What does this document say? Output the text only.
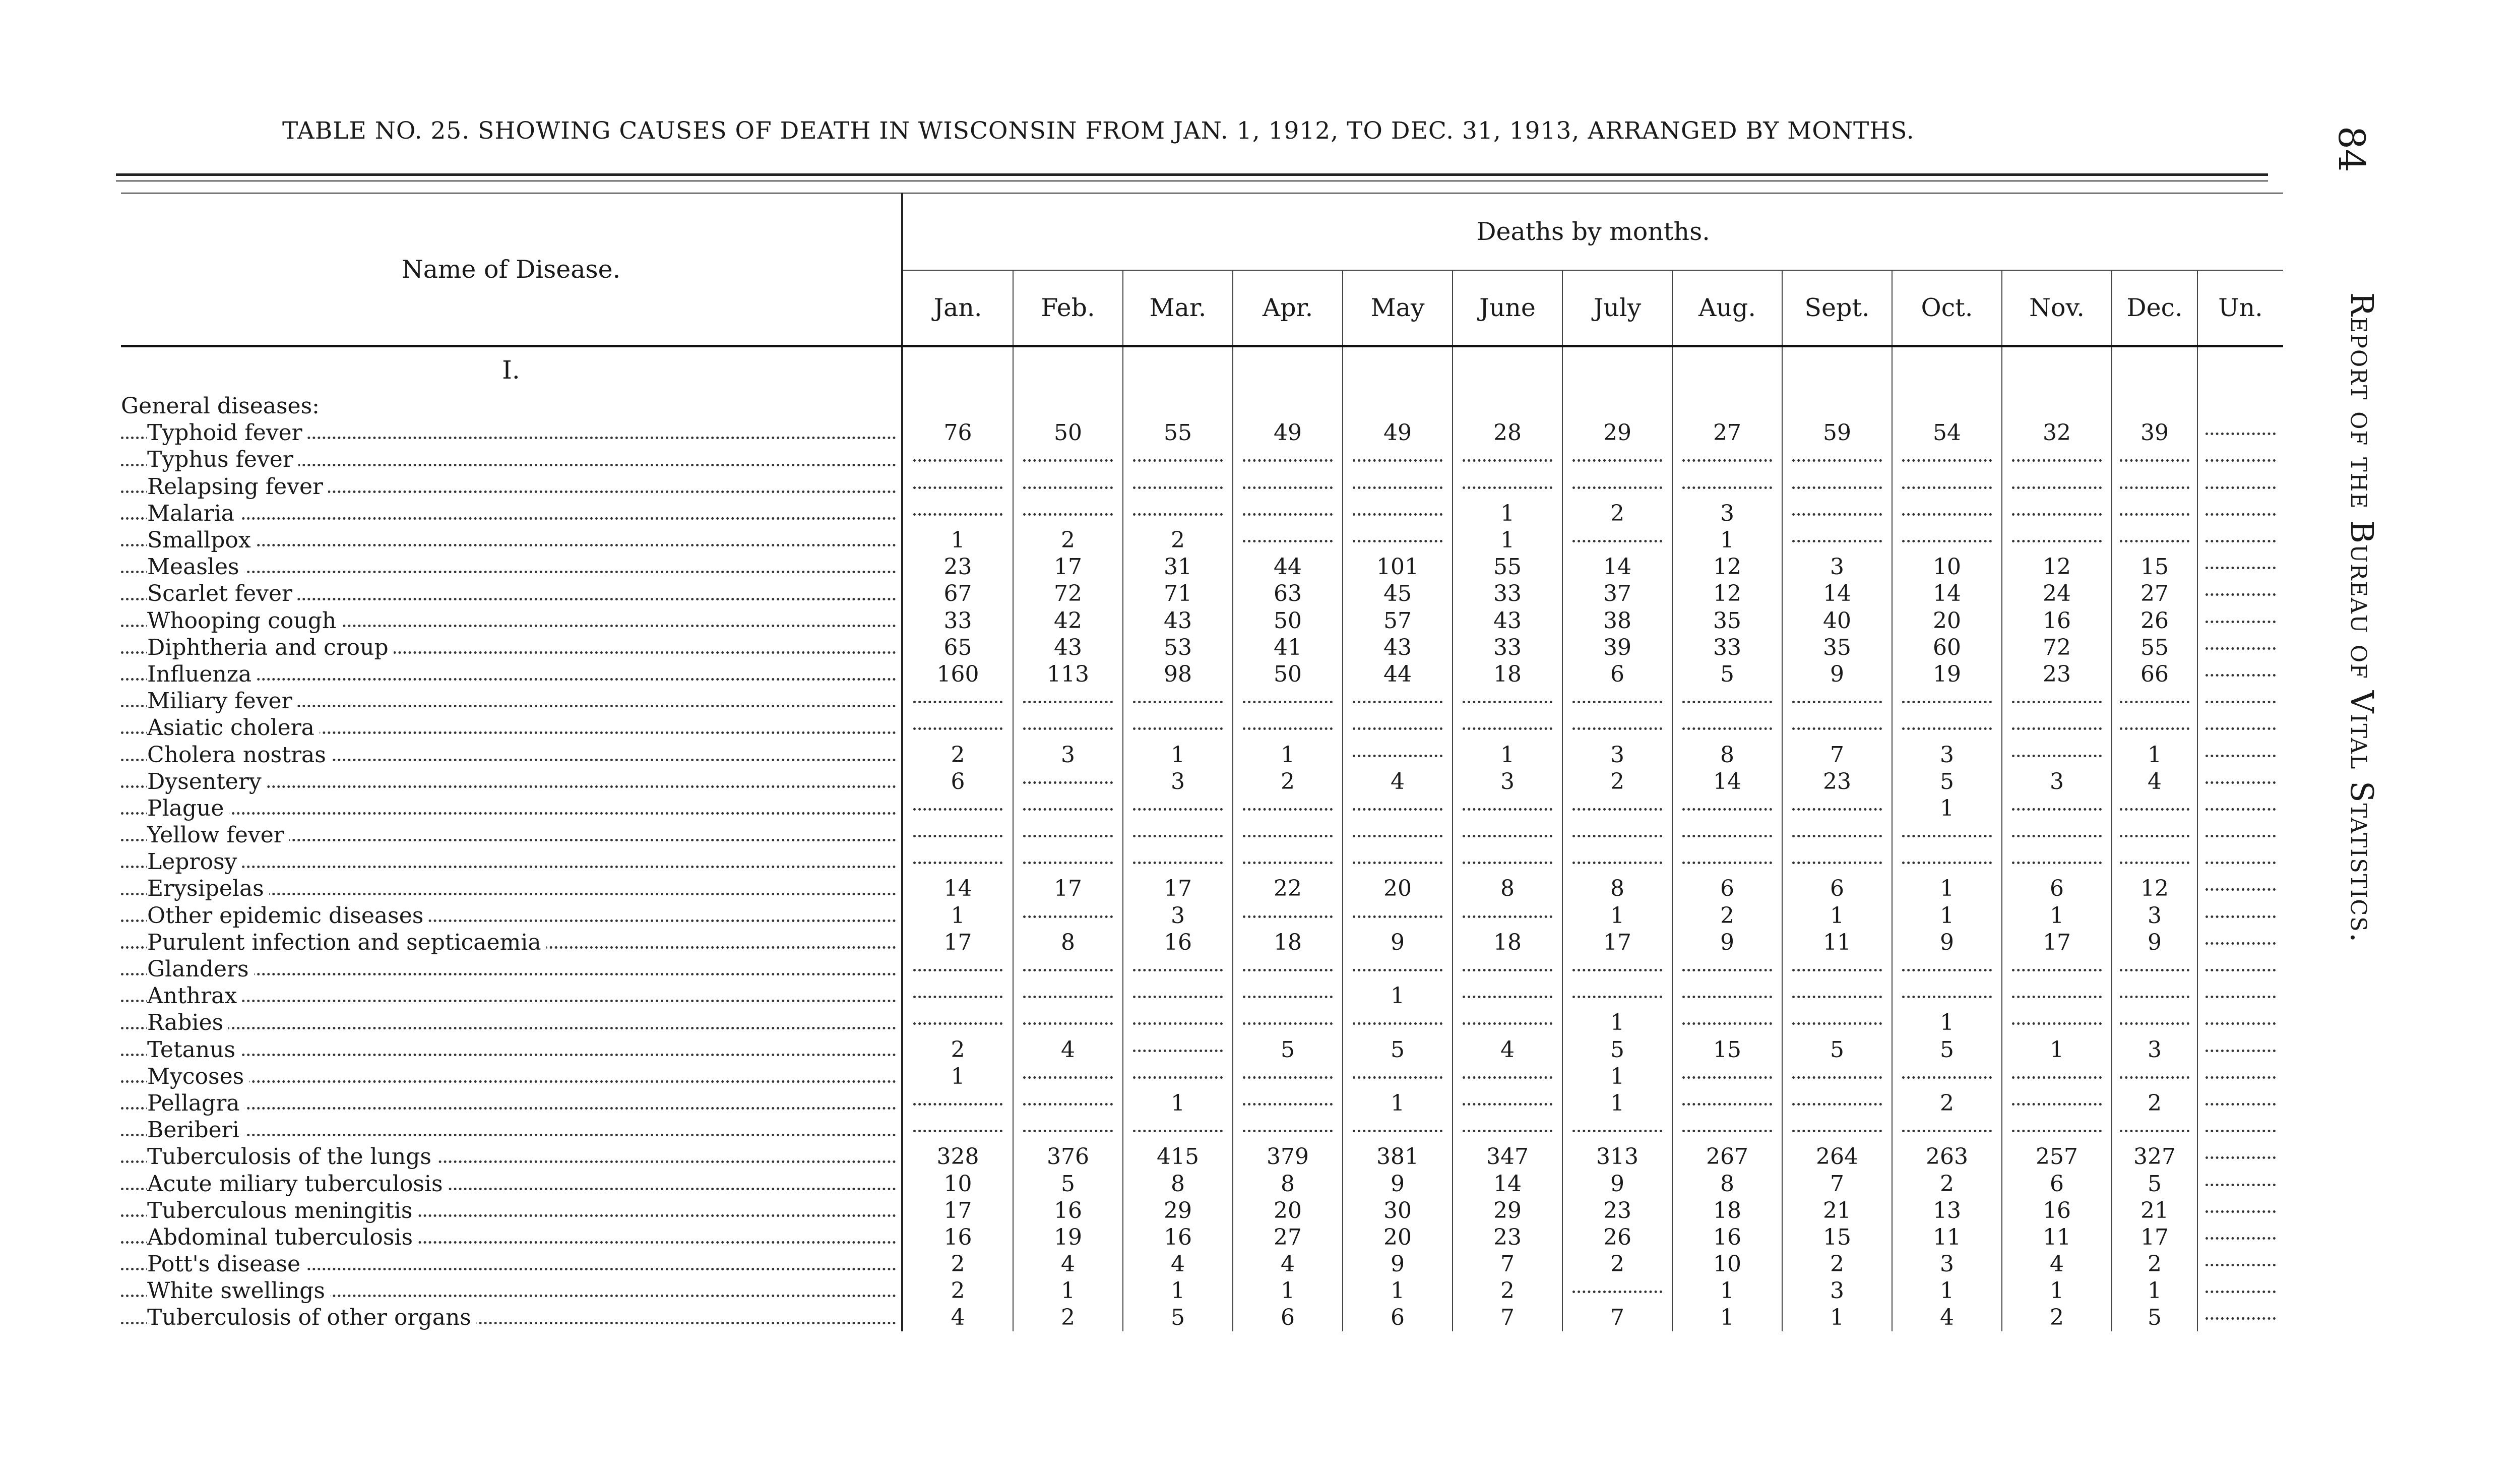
TABLE NO. 25. SHOWING CAUSES OF DEATH IN WISCONSIN FROM JAN. 1, 1912, TO DEC. 31, 1913, ARRANGED BY MONTHS.	84
Report of the Bureau of Vital Statistics.
Name of Disease.	Deaths by months.												
	Jan.	Feb.	Mar.	Apr.	May	June	July	Aug.	Sept.	Oct.	Nov.	Dec.	Un.
I.													
General diseases:													

Typhoid fever	76	50	55	49	49	28	29	27	59	54	32	39	

Typhus fever													

Relapsing fever													

Malaria						1	2	3					

Smallpox	1	2	2			1		1					

Measles	23	17	31	44	101	55	14	12	3	10	12	15	

Scarlet fever	67	72	71	63	45	33	37	12	14	14	24	27	

Whooping cough	33	42	43	50	57	43	38	35	40	20	16	26	

Diphtheria and croup	65	43	53	41	43	33	39	33	35	60	72	55	

Influenza	160	113	98	50	44	18	6	5	9	19	23	66	

Miliary fever													

Asiatic cholera													

Cholera nostras	2	3	1	1		1	3	8	7	3		1	

Dysentery	6		3	2	4	3	2	14	23	5	3	4	

Plague										1			

Yellow fever													

Leprosy													

Erysipelas	14	17	17	22	20	8	8	6	6	1	6	12	

Other epidemic diseases	1		3				1	2	1	1	1	3	

Purulent infection and septicaemia	17	8	16	18	9	18	17	9	11	9	17	9	

Glanders													

Anthrax					1								

Rabies							1			1			

Tetanus	2	4		5	5	4	5	15	5	5	1	3	

Mycoses	1						1						

Pellagra			1		1		1			2		2	

Beriberi													

Tuberculosis of the lungs	328	376	415	379	381	347	313	267	264	263	257	327	

Acute miliary tuberculosis	10	5	8	8	9	14	9	8	7	2	6	5	

Tuberculous meningitis	17	16	29	20	30	29	23	18	21	13	16	21	

Abdominal tuberculosis	16	19	16	27	20	23	26	16	15	11	11	17	

Pott's disease	2	4	4	4	9	7	2	10	2	3	4	2	

White swellings	2	1	1	1	1	2		1	3	1	1	1	

Tuberculosis of other organs	4	2	5	6	6	7	7	1	1	4	2	5	
